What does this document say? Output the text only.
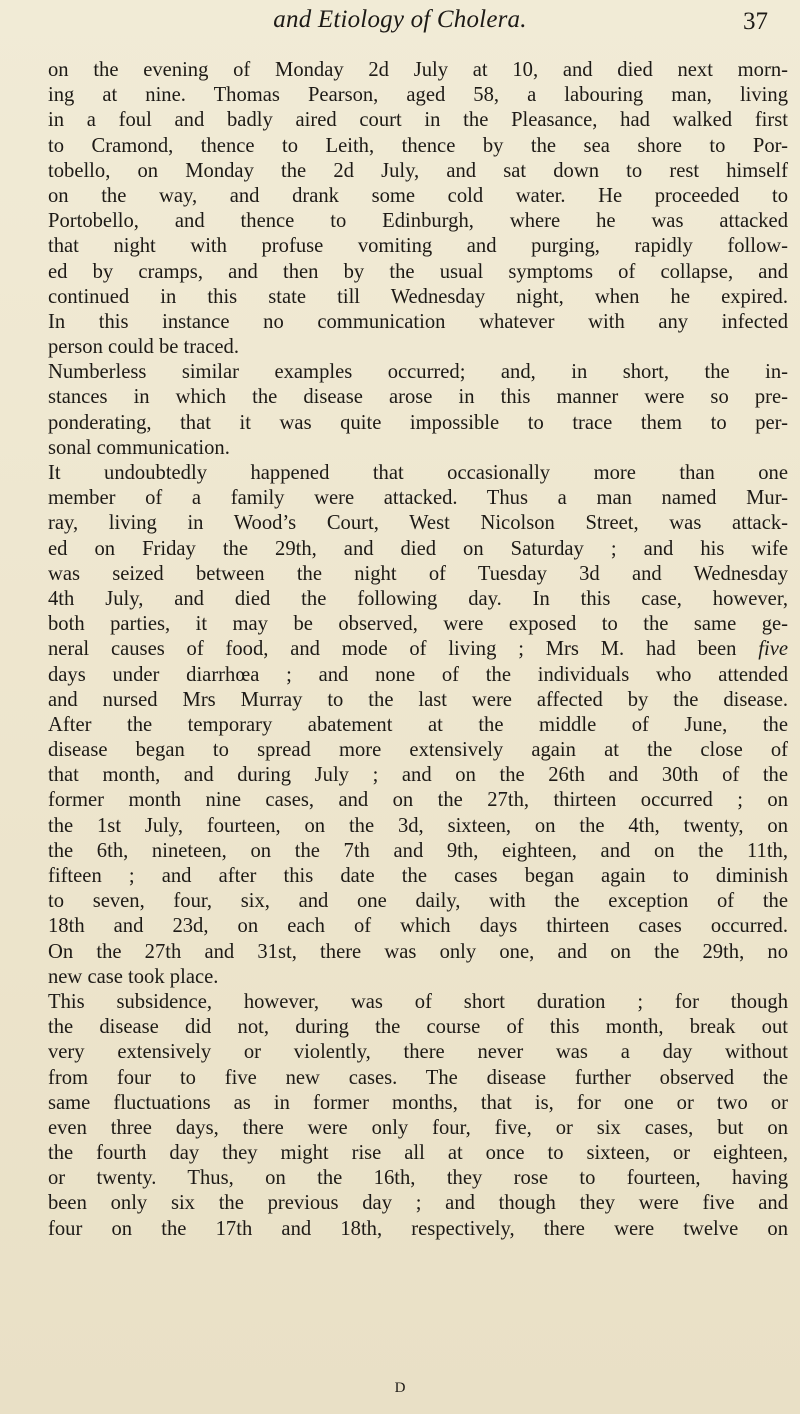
and Etiology of Cholera.	37
on the evening of Monday 2d July at 10, and died next morn-
ing at nine. Thomas Pearson, aged 58, a labouring man, living
in a foul and badly aired court in the Pleasance, had walked first
to Cramond, thence to Leith, thence by the sea shore to Por-
tobello, on Monday the 2d July, and sat down to rest himself
on the way, and drank some cold water. He proceeded to
Portobello, and thence to Edinburgh, where he was attacked
that night with profuse vomiting and purging, rapidly follow-
ed by cramps, and then by the usual symptoms of collapse, and
continued in this state till Wednesday night, when he expired.
In this instance no communication whatever with any infected
person could be traced.
Numberless similar examples occurred; and, in short, the in-
stances in which the disease arose in this manner were so pre-
ponderating, that it was quite impossible to trace them to per-
sonal communication.
It undoubtedly happened that occasionally more than one
member of a family were attacked. Thus a man named Mur-
ray, living in Wood’s Court, West Nicolson Street, was attack-
ed on Friday the 29th, and died on Saturday ; and his wife
was seized between the night of Tuesday 3d and Wednesday
4th July, and died the following day. In this case, however,
both parties, it may be observed, were exposed to the same ge-
neral causes of food, and mode of living ; Mrs M. had been five
days under diarrhœa ; and none of the individuals who attended
and nursed Mrs Murray to the last were affected by the disease.
After the temporary abatement at the middle of June, the
disease began to spread more extensively again at the close of
that month, and during July ; and on the 26th and 30th of the
former month nine cases, and on the 27th, thirteen occurred ; on
the 1st July, fourteen, on the 3d, sixteen, on the 4th, twenty, on
the 6th, nineteen, on the 7th and 9th, eighteen, and on the 11th,
fifteen ; and after this date the cases began again to diminish
to seven, four, six, and one daily, with the exception of the
18th and 23d, on each of which days thirteen cases occurred.
On the 27th and 31st, there was only one, and on the 29th, no
new case took place.
This subsidence, however, was of short duration ; for though
the disease did not, during the course of this month, break out
very extensively or violently, there never was a day without
from four to five new cases. The disease further observed the
same fluctuations as in former months, that is, for one or two or
even three days, there were only four, five, or six cases, but on
the fourth day they might rise all at once to sixteen, or eighteen,
or twenty. Thus, on the 16th, they rose to fourteen, having
been only six the previous day ; and though they were five and
four on the 17th and 18th, respectively, there were twelve on
D
